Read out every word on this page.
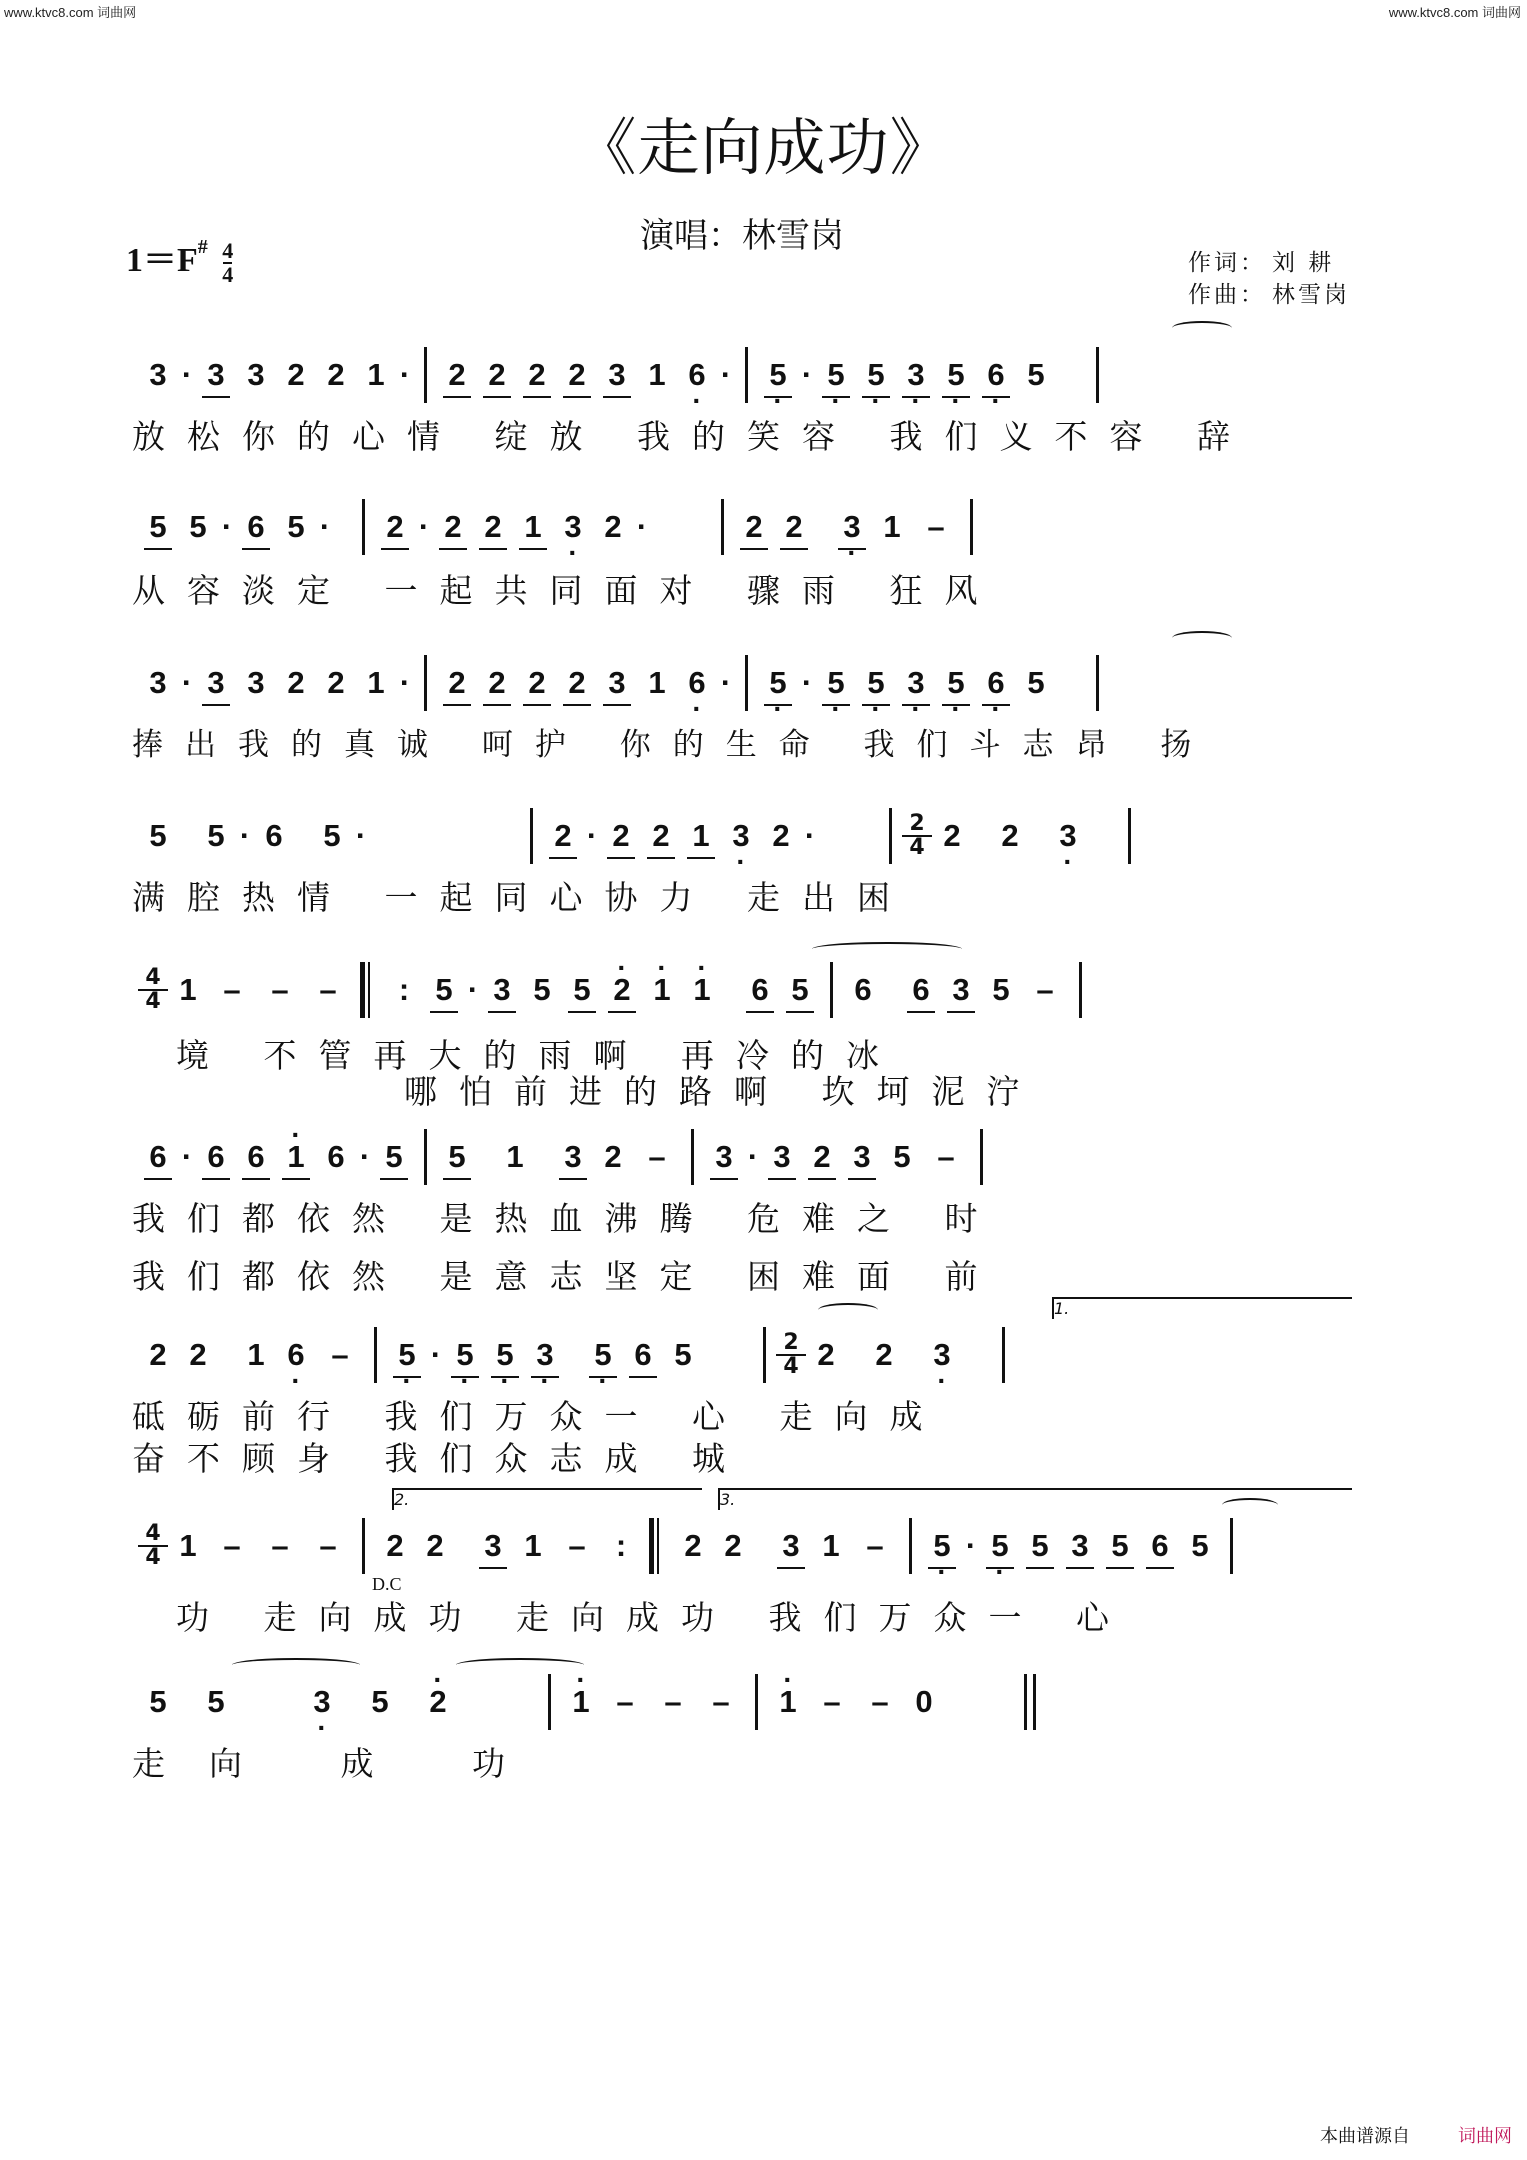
www.ktvc8.com 词曲网	www.ktvc8.com 词曲网
《走向成功》
演唱：林雪岗
$1=F^{\#} \frac{4}{4}$	作词： 刘 耕
作曲： 林雪岗
3 · 3 3 2 2 1 ·	2 2 2 2 3 1 · 6 ·	· 5 · · 5 · 5 · 3 · 5 · 6 5
放松你的心情 绽放 我的笑容 我们义不容 辞
5 5 · 6 5 ·	2 · 2 2 1 · 3 2 ·	2 2	· 3 1 –
从容淡定 一起共同面对 骤雨 狂风
3 · 3 3 2 2 1 ·	2 2 2 2 3 1 · 6 ·	· 5 · · 5 · 5 · 3 · 5 · 6 5
捧出我的真诚 呵护 你的生命 我们斗志昂 扬
5	5 · 6	5 ·	2 · 2 2 1 · 3 2 ·	2
4 2	2	· 3
满腔热情 一起同心协力 走出困
4
4 1 – – –	: 5 · 3 5 5 · 2 · 1 · 1	6 5	6	6 3 5 –
境 不管再大的雨啊 再冷的冰
哪怕前进的路啊 坎坷泥泞
6 · 6 6 · 1 6 · 5	5	1	3 2 –	3 · 3 2 3 5 –
我们都依然 是热血沸腾 危难之 时
我们都依然 是意志坚定 困难面 前
1.
2 2	1 · 6 –	· 5 · · 5 · 5 · 3	· 5 6 5	2
4 2	2	· 3
砥砺前行 我们万众一 心 走向成
奋不顾身 我们众志成 城
2.	3.
4
4 1 – – –	2 2	3 1 – :	2 2	3 1 –	· 5 · · 5 5 3 5 6 5
D.C
功 走向成功 走向成功 我们万众一 心
5	5	· 3	5	· 2	· 1 – – –	· 1 – – 0
走向 成 功
本曲谱源自	词曲网
